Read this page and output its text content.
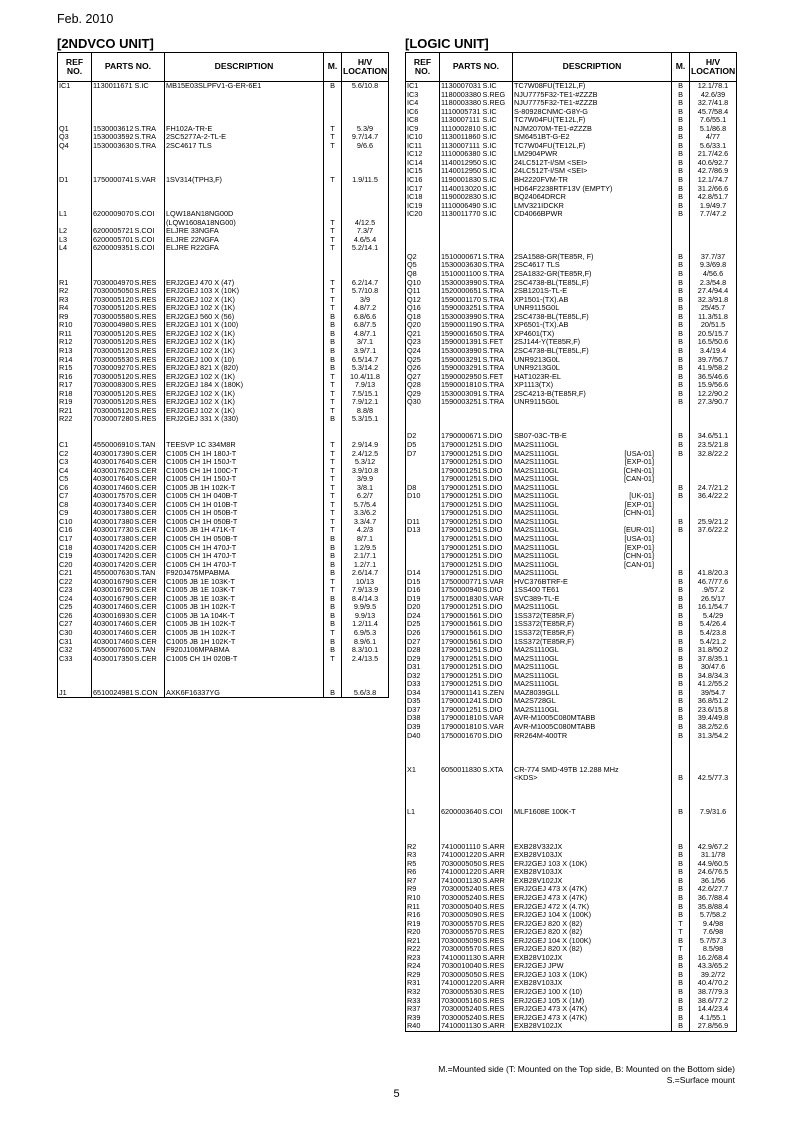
Feb. 2010
[2NDVCO UNIT]	[LOGIC UNIT]
REF NO.	PARTS NO.		DESCRIPTION	M.	H/V LOCATION
IC1	1130011671	S.IC	MB15E03SLPFV1-G-ER-6E1	B	5.6/10.8

Q1	1530003612	S.TRA	FH102A-TR-E	T	5.3/9
Q3	1530003592	S.TRA	2SC5277A-2-TL-E	T	9.7/14.7
Q4	1530003630	S.TRA	2SC4617 TLS	T	9/6.6

D1	1750000741	S.VAR	1SV314(TPH3,F)	T	1.9/11.5

L1	6200009070	S.COI	LQW18AN18NG00D		
			(LQW1608A18NG00)	T	4/12.5
L2	6200005721	S.COI	ELJRE 33NGFA	T	7.3/7
L3	6200005701	S.COI	ELJRE 22NGFA	T	4.6/5.4
L4	6200009351	S.COI	ELJRE R22GFA	T	5.2/14.1

R1	7030004970	S.RES	ERJ2GEJ 470 X (47)	T	6.2/14.7
R2	7030005050	S.RES	ERJ2GEJ 103 X (10K)	T	5.7/10.8
R3	7030005120	S.RES	ERJ2GEJ 102 X (1K)	T	3/9
R4	7030005120	S.RES	ERJ2GEJ 102 X (1K)	T	4.8/7.2
R9	7030005580	S.RES	ERJ2GEJ 560 X (56)	B	6.8/6.6
R10	7030004980	S.RES	ERJ2GEJ 101 X (100)	B	6.8/7.5
R11	7030005120	S.RES	ERJ2GEJ 102 X (1K)	B	4.8/7.1
R12	7030005120	S.RES	ERJ2GEJ 102 X (1K)	B	3/7.1
R13	7030005120	S.RES	ERJ2GEJ 102 X (1K)	B	3.9/7.1
R14	7030005530	S.RES	ERJ2GEJ 100 X (10)	B	6.5/14.7
R15	7030009270	S.RES	ERJ2GEJ 821 X (820)	B	5.3/14.2
R16	7030005120	S.RES	ERJ2GEJ 102 X (1K)	T	10.4/11.8
R17	7030008300	S.RES	ERJ2GEJ 184 X (180K)	T	7.9/13
R18	7030005120	S.RES	ERJ2GEJ 102 X (1K)	T	7.5/15.1
R19	7030005120	S.RES	ERJ2GEJ 102 X (1K)	T	7.9/12.1
R21	7030005120	S.RES	ERJ2GEJ 102 X (1K)	T	8.8/8
R22	7030007280	S.RES	ERJ2GEJ 331 X (330)	B	5.3/15.1

C1	4550006910	S.TAN	TEESVP 1C 334M8R	T	2.9/14.9
C2	4030017390	S.CER	C1005 CH 1H 180J-T	T	2.4/12.5
C3	4030017640	S.CER	C1005 CH 1H 150J-T	T	5.3/12
C4	4030017620	S.CER	C1005 CH 1H 100C-T	T	3.9/10.8
C5	4030017640	S.CER	C1005 CH 1H 150J-T	T	3/9.9
C6	4030017460	S.CER	C1005 JB 1H 102K-T	T	3/8.1
C7	4030017570	S.CER	C1005 CH 1H 040B-T	T	6.2/7
C8	4030017340	S.CER	C1005 CH 1H 010B-T	T	5.7/5.4
C9	4030017380	S.CER	C1005 CH 1H 050B-T	T	3.3/6.2
C10	4030017380	S.CER	C1005 CH 1H 050B-T	T	3.3/4.7
C16	4030017730	S.CER	C1005 JB 1H 471K-T	T	4.2/3
C17	4030017380	S.CER	C1005 CH 1H 050B-T	B	8/7.1
C18	4030017420	S.CER	C1005 CH 1H 470J-T	B	1.2/9.5
C19	4030017420	S.CER	C1005 CH 1H 470J-T	B	2.1/7.1
C20	4030017420	S.CER	C1005 CH 1H 470J-T	B	1.2/7.1
C21	4550007630	S.TAN	F920J475MPABMA	B	2.6/14.7
C22	4030016790	S.CER	C1005 JB 1E 103K-T	T	10/13
C23	4030016790	S.CER	C1005 JB 1E 103K-T	T	7.9/13.9
C24	4030016790	S.CER	C1005 JB 1E 103K-T	B	8.4/14.3
C25	4030017460	S.CER	C1005 JB 1H 102K-T	B	9.9/9.5
C26	4030016930	S.CER	C1005 JB 1A 104K-T	B	9.9/13
C27	4030017460	S.CER	C1005 JB 1H 102K-T	B	1.2/11.4
C30	4030017460	S.CER	C1005 JB 1H 102K-T	T	6.9/5.3
C31	4030017460	S.CER	C1005 JB 1H 102K-T	B	8.9/6.1
C32	4550007600	S.TAN	F920J106MPABMA	B	8.3/10.1
C33	4030017350	S.CER	C1005 CH 1H 020B-T	T	2.4/13.5

J1	6510024981	S.CON	AXK6F16337YG	B	5.6/3.8
REF NO.	PARTS NO.		DESCRIPTION	M.	H/V LOCATION
IC1	1130007031	S.IC	TC7W08FU(TE12L,F)	B	12.1/78.1
IC3	1180003380	S.REG	NJU7775F32-TE1-#ZZZB	B	42.6/39
IC4	1180003380	S.REG	NJU7775F32-TE1-#ZZZB	B	32.7/41.8
IC6	1110005731	S.IC	S-80928CNMC-G8Y-G	B	45.7/58.4
IC8	1130007111	S.IC	TC7W04FU(TE12L,F)	B	7.6/55.1
IC9	1110002810	S.IC	NJM2070M-TE1-#ZZZB	B	5.1/86.8
IC10	1130011860	S.IC	SM6451BT-G-E2	B	4/77
IC11	1130007111	S.IC	TC7W04FU(TE12L,F)	B	5.6/33.1
IC12	1110006380	S.IC	LM2904PWR	B	21.7/42.6
IC14	1140012950	S.IC	24LC512T-I/SM <SEI>	B	40.6/92.7
IC15	1140012950	S.IC	24LC512T-I/SM <SEI>	B	42.7/86.9
IC16	1190001830	S.IC	BH2220FVM-TR	B	12.1/74.7
IC17	1140013020	S.IC	HD64F2238RTF13V (EMPTY)	B	31.2/66.6
IC18	1190002830	S.IC	BQ24064DRCR	B	42.8/51.7
IC19	1110006490	S.IC	LMV321IDCKR	B	1.9/49.7
IC20	1130011770	S.IC	CD4066BPWR	B	7.7/47.2

Q2	1510000671	S.TRA	2SA1588-GR(TE85R, F)	B	37.7/37
Q5	1530003630	S.TRA	2SC4617 TLS	B	9.3/69.8
Q8	1510001100	S.TRA	2SA1832-GR(TE85R,F)	B	4/56.6
Q10	1530003990	S.TRA	2SC4738-BL(TE85L,F)	B	2.3/54.8
Q11	1520000651	S.TRA	2SB1201S-TL-E	B	27.4/94.4
Q12	1590001170	S.TRA	XP1501-(TX).AB	B	32.3/91.8
Q16	1590003251	S.TRA	UNR9115G0L	B	25/45.7
Q18	1530003990	S.TRA	2SC4738-BL(TE85L,F)	B	11.3/51.8
Q20	1590001190	S.TRA	XP6501-(TX).AB	B	20/51.5
Q21	1590001650	S.TRA	XP4601(TX)	B	20.5/15.7
Q23	1590001391	S.FET	2SJ144-Y(TE85R,F)	B	16.5/50.6
Q24	1530003990	S.TRA	2SC4738-BL(TE85L,F)	B	3.4/19.4
Q25	1590003291	S.TRA	UNR9213G0L	B	39.7/56.7
Q26	1590003291	S.TRA	UNR9213G0L	B	41.9/58.2
Q27	1590002950	S.FET	HAT1023R-EL	B	36.5/46.6
Q28	1590001810	S.TRA	XP1113(TX)	B	15.9/56.6
Q29	1530003091	S.TRA	2SC4213-B(TE85R,F)	B	12.2/90.2
Q30	1590003251	S.TRA	UNR9115G0L	B	27.3/90.7

D2	1790000671	S.DIO	SB07-03C-TB-E	B	34.6/51.1
D5	1790001251	S.DIO	MA2S1110GL	B	23.5/21.8
D7	1790001251	S.DIO	MA2S1110GL [USA-01]	B	32.8/22.2
	1790001251	S.DIO	MA2S1110GL [EXP-01]		

	1790001251	S.DIO	MA2S1110GL [CHN-01]		

	1790001251	S.DIO	MA2S1110GL [CAN-01]		

D8	1790001251	S.DIO	MA2S1110GL	B	24.7/21.2
D10	1790001251	S.DIO	MA2S1110GL [UK-01]	B	36.4/22.2
	1790001251	S.DIO	MA2S1110GL [EXP-01]		

	1790001251	S.DIO	MA2S1110GL [CHN-01]		

D11	1790001251	S.DIO	MA2S1110GL	B	25.9/21.2
D13	1790001251	S.DIO	MA2S1110GL [EUR-01]	B	37.6/22.2
	1790001251	S.DIO	MA2S1110GL [USA-01]		

	1790001251	S.DIO	MA2S1110GL [EXP-01]		

	1790001251	S.DIO	MA2S1110GL [CHN-01]		

	1790001251	S.DIO	MA2S1110GL [CAN-01]		

D14	1790001251	S.DIO	MA2S1110GL	B	41.8/20.3
D15	1750000771	S.VAR	HVC376BTRF-E	B	46.7/77.6
D16	1750000940	S.DIO	1SS400 TE61	B	.9/57.2
D19	1750001830	S.VAR	SVC389-TL-E	B	26.5/17
D20	1790001251	S.DIO	MA2S1110GL	B	16.1/54.7
D24	1790001561	S.DIO	1SS372(TE85R,F)	B	5.4/29
D25	1790001561	S.DIO	1SS372(TE85R,F)	B	5.4/26.4
D26	1790001561	S.DIO	1SS372(TE85R,F)	B	5.4/23.8
D27	1790001561	S.DIO	1SS372(TE85R,F)	B	5.4/21.2
D28	1790001251	S.DIO	MA2S1110GL	B	31.8/50.2
D29	1790001251	S.DIO	MA2S1110GL	B	37.8/35.1
D31	1790001251	S.DIO	MA2S1110GL	B	30/47.6
D32	1790001251	S.DIO	MA2S1110GL	B	34.8/34.3
D33	1790001251	S.DIO	MA2S1110GL	B	41.2/55.2
D34	1790001141	S.ZEN	MAZ8039GLL	B	39/54.7
D35	1790001241	S.DIO	MA2S728GL	B	36.8/51.2
D37	1790001251	S.DIO	MA2S1110GL	B	23.6/15.8
D38	1790001810	S.VAR	AVR-M1005C080MTABB	B	39.4/49.8
D39	1790001810	S.VAR	AVR-M1005C080MTABB	B	38.2/52.6
D40	1750001670	S.DIO	RR264M-400TR	B	31.3/54.2

X1	6050011830	S.XTA	CR-774 SMD-49TB 12.288 MHz		
			<KDS>	B	42.5/77.3

L1	6200003640	S.COI	MLF1608E 100K-T	B	7.9/31.6

R2	7410001110	S.ARR	EXB28V332JX	B	42.9/67.2
R3	7410001220	S.ARR	EXB28V103JX	B	31.1/78
R5	7030005050	S.RES	ERJ2GEJ 103 X (10K)	B	44.9/60.5
R6	7410001220	S.ARR	EXB28V103JX	B	24.6/76.5
R7	7410001130	S.ARR	EXB28V102JX	B	36.1/56
R9	7030005240	S.RES	ERJ2GEJ 473 X (47K)	B	42.6/27.7
R10	7030005240	S.RES	ERJ2GEJ 473 X (47K)	B	36.7/88.4
R11	7030005040	S.RES	ERJ2GEJ 472 X (4.7K)	B	35.8/88.4
R16	7030005090	S.RES	ERJ2GEJ 104 X (100K)	B	5.7/58.2
R19	7030005570	S.RES	ERJ2GEJ 820 X (82)	T	9.4/98
R20	7030005570	S.RES	ERJ2GEJ 820 X (82)	T	7.6/98
R21	7030005090	S.RES	ERJ2GEJ 104 X (100K)	B	5.7/57.3
R22	7030005570	S.RES	ERJ2GEJ 820 X (82)	T	8.5/98
R23	7410001130	S.ARR	EXB28V102JX	B	16.2/68.4
R24	7030010040	S.RES	ERJ2GEJ JPW	B	43.3/65.2
R29	7030005050	S.RES	ERJ2GEJ 103 X (10K)	B	39.2/72
R31	7410001220	S.ARR	EXB28V103JX	B	40.4/70.2
R32	7030005530	S.RES	ERJ2GEJ 100 X (10)	B	38.7/79.3
R33	7030005160	S.RES	ERJ2GEJ 105 X (1M)	B	38.6/77.2
R37	7030005240	S.RES	ERJ2GEJ 473 X (47K)	B	14.4/23.4
R39	7030005240	S.RES	ERJ2GEJ 473 X (47K)	B	4.1/55.1
R40	7410001130	S.ARR	EXB28V102JX	B	27.8/56.9
M.=Mounted side (T: Mounted on the Top side, B: Mounted on the Bottom side)
S.=Surface mount
5
